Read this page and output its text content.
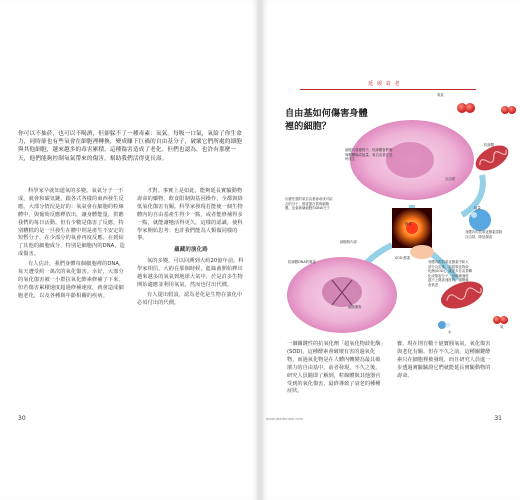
你可以不抽菸，也可以不喝酒，但卻躲不了一種毒素：氧氣。每吸一口氣，氧給了你生命力，同時卻也有些氧會在細胞裡轉換，變成賺下巨禍的自由基分子，破壞它們所處的細胞與其他細胞，越來越多的毒害累積，這種傷害造成了老化。但們也認為，也許有那麼一天，他們能夠控制氧氣帶來的傷害，幫助我們活得更長壽。

科學家早就知道氧的多變。氧氣分子一不成，就會和碳氫鏈，跟各式各樣的東西發生反應。大部分情況是好的：氧氣會在細胞的粒線體中，與葡萄反應釋放出，讓身體能量，供應我們的每日活動。但有少數是傷害了反應，特別糟糕的是一旦發生在體中則是產生不安定的短暫分子，在少部分的氧會再度反應。在到結了其他的細胞成分，特別是細胞內的DNA，造成傷害。

有人估計，我們身體每個細胞裡的DNA，每天遭受約一萬次的氧化傷害。幸好，大部分的氧化傷害被一小群抗氧化酵素修補了下來。但若傷害累積速度超過修補速度，就會造成細胞老化，以及各種與年齡相關的疾病。

才對。事實上是如此，能夠延長實驗動物壽命的藥物、飲食限制與基因操作，全都與降低氧化傷害有關。科學家發現若能使一個生物體內的自由基產生得少一點，或者能修補得多一點，就能讓牠活得更久。這樣的認識，使科學家開始思考：也許我們能為人類做同樣的事。

蘊藏的演化路

氧的多變，可以回溯到大約20億年前。科學家相信，大約在那個時候，藍綠菌開始釋出越來越多的氧氣到地球大氣中，於是許多生物開始適應並利用氧氣，然而也付出代價。

有人提出假設，認為老化是生物在演化中必須付出的代價。

30
延 緩 衰 老
自由基如何傷害身體裡的細胞？
細胞代謝過程中，粒線體會將葡萄糖轉換成能量，氧自由基在此時產生
粒線體
氧氣
反應性強的氧自由基會尋找可結合的分子，損害蛋白質與細胞膜，也會破壞細胞內DNA分子
自由基
能量
酵素
細胞核內部
粒線體DNA的傷害
SOD 酵素
身體內的抗氧化酵素中和大部分自由基，如超氧化物歧化酶(SOD)，讓更多自由基轉化成無害分子，但修補速度趕不上傷害速度時，細胞就會衰老
細胞傷害
水
氧
身體內的抗氧化酵素清除自由基，降低傷害

一個關鍵性的抗氧化劑「超氧化物歧化酶」(SOD)，這種酵素會破壞有害的過氧化物，而過氧化物是在人體內轉變為最具破壞力的自由基中。前者發現，不久之後，研究人員隨即了解到，粒線體與其他器官受到的氧化傷害，最終導致了衰老的種種症狀。

寶，現在則有數十億寶圓氧氣，氧化傷害與老化有關。但在不久之前，這種關鍵酵素只在細胞裡被發現，而且研究人員進一步透過實驗驗證它們就能延長實驗動物的壽命。

www.readsciam.com	31
